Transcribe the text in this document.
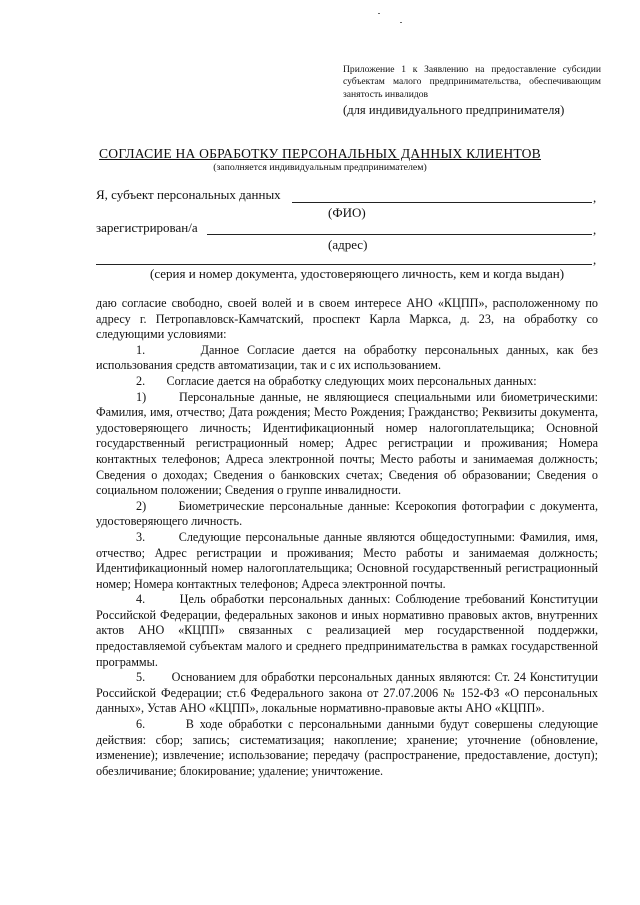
Приложение 1 к Заявлению на предоставление субсидии субъектам малого предпринимательства, обеспечивающим занятость инвалидов
(для индивидуального предпринимателя)
СОГЛАСИЕ НА ОБРАБОТКУ ПЕРСОНАЛЬНЫХ ДАННЫХ КЛИЕНТОВ
(заполняется индивидуальным предпринимателем)
Я, субъект персональных данных	,
(ФИО)
зарегистрирован/а	,
(адрес)
,
(серия и номер документа, удостоверяющего личность, кем и когда выдан)

даю согласие свободно, своей волей и в своем интересе АНО «КЦПП», расположенному по адресу г. Петропавловск-Камчатский, проспект Карла Маркса, д. 23, на обработку со следующими условиями:

1.       Данное Согласие дается на обработку персональных данных, как без использования средств автоматизации, так и с их использованием.

2.       Согласие дается на обработку следующих моих персональных данных:

1)      Персональные данные, не являющиеся специальными или биометрическими: Фамилия, имя, отчество; Дата рождения; Место Рождения; Гражданство; Реквизиты документа, удостоверяющего личность; Идентификационный номер налогоплательщика; Основной государственный регистрационный номер; Адрес регистрации и проживания; Номера контактных телефонов; Адреса электронной почты; Место работы и занимаемая должность; Сведения о доходах; Сведения о банковских счетах; Сведения об образовании; Сведения о социальном положении; Сведения о группе инвалидности.

2)      Биометрические персональные данные: Ксерокопия фотографии с документа, удостоверяющего личность.

3.       Следующие персональные данные являются общедоступными: Фамилия, имя, отчество; Адрес регистрации и проживания; Место работы и занимаемая должность; Идентификационный номер налогоплательщика; Основной государственный регистрационный номер; Номера контактных телефонов; Адреса электронной почты.

4.       Цель обработки персональных данных: Соблюдение требований Конституции Российской Федерации, федеральных законов и иных нормативно правовых актов, внутренних актов АНО «КЦПП» связанных с реализацией мер государственной поддержки, предоставляемой субъектам малого и среднего предпринимательства в рамках государственной программы.

5.       Основанием для обработки персональных данных являются: Ст. 24 Конституции Российской Федерации; ст.6 Федерального закона от 27.07.2006 № 152-ФЗ «О персональных данных», Устав АНО «КЦПП», локальные нормативно-правовые акты АНО «КЦПП».

6.       В ходе обработки с персональными данными будут совершены следующие действия: сбор; запись; систематизация; накопление; хранение; уточнение (обновление, изменение); извлечение; использование; передачу (распространение, предоставление, доступ); обезличивание; блокирование; удаление; уничтожение.
